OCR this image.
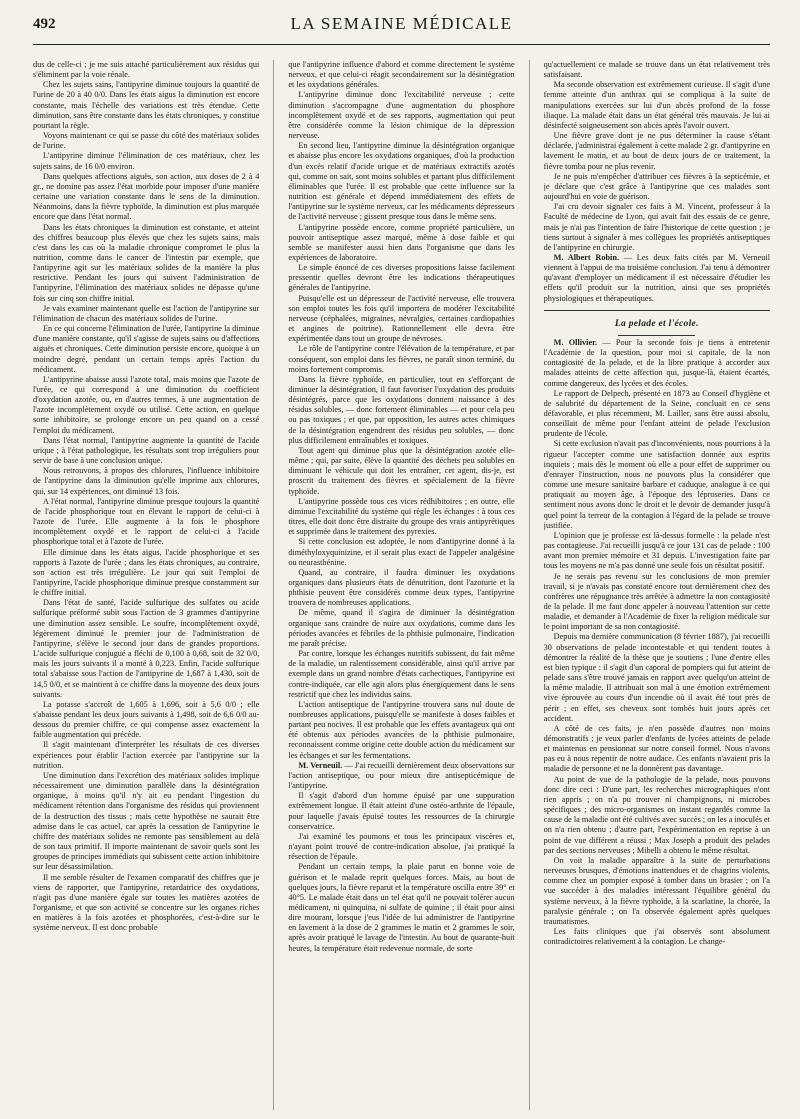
492	LA SEMAINE MÉDICALE

dus de celle-ci ; je me suis attaché particulièrement aux résidus qui s'éliminent par la voie rénale.

Chez les sujets sains, l'antipyrine diminue toujours la quantité de l'urine de 20 à 40 0/0. Dans les états aigus la diminution est encore constante, mais l'échelle des variations est très étendue. Cette diminution, sans être constante dans les états chroniques, y constitue pourtant la règle.

Voyons maintenant ce qui se passe du côté des matériaux solides de l'urine.

L'antipyrine diminue l'élimination de ces matériaux, chez les sujets sains, de 16 0/0 environ.

Dans quelques affections aiguës, son action, aux doses de 2 à 4 gr., ne domine pas assez l'état morbide pour imposer d'une manière certaine une variation constante dans le sens de la diminution. Néanmoins, dans la fièvre typhoïde, la diminution est plus marquée encore que dans l'état normal.

Dans les états chroniques la diminution est constante, et atteint des chiffres beaucoup plus élevés que chez les sujets sains, mais c'est dans les cas où la maladie chronique compromet le plus la nutrition, comme dans le cancer de l'intestin par exemple, que l'antipyrine agit sur les matériaux solides de la manière la plus restrictive. Pendant les jours qui suivent l'administration de l'antipyrine, l'élimination des matériaux solides ne dépasse qu'une fois sur cinq son chiffre initial.

Je vais examiner maintenant quelle est l'action de l'antipyrine sur l'élimination de chacun des matériaux solides de l'urine.

En ce qui concerne l'élimination de l'urée, l'antipyrine la diminue d'une manière constante, qu'il s'agisse de sujets sains ou d'affections aiguës et chroniques. Cette diminution persiste encore, quoique à un moindre degré, pendant un certain temps après l'action du médicament.

L'antipyrine abaisse aussi l'azote total, mais moins que l'azote de l'urée, ce qui correspond à une diminution du coefficient d'oxydation azotée, ou, en d'autres termes, à une augmentation de l'azote incomplètement oxydé ou utilisé. Cette action, en quelque sorte inhibitoire, se prolonge encore un peu quand on a cessé l'emploi du médicament.

Dans l'état normal, l'antipyrine augmente la quantité de l'acide urique ; à l'état pathologique, les résultats sont trop irréguliers pour servir de base à une conclusion unique.

Nous retrouvons, à propos des chlorures, l'influence inhibitoire de l'antipyrine dans la diminution qu'elle imprime aux chlorures, qui, sur 14 expériences, ont diminué 13 fois.

A l'état normal, l'antipyrine diminue presque toujours la quantité de l'acide phosphorique tout en élevant le rapport de celui-ci à l'azote de l'urée. Elle augmente à la fois le phosphore incomplètement oxydé et le rapport de celui-ci à l'acide phosphorique total et à l'azote de l'urée.

Elle diminue dans les états aigus, l'acide phosphorique et ses rapports à l'azote de l'urée ; dans les états chroniques, au contraire, son action est très irrégulière. Le jour qui suit l'emploi de l'antipyrine, l'acide phosphorique diminue presque constamment sur le chiffre initial.

Dans l'état de santé, l'acide sulfurique des sulfates ou acide sulfurique préformé subit sous l'action de 3 grammes d'antipyrine une diminution assez sensible. Le soufre, incomplètement oxydé, légèrement diminué le premier jour de l'administration de l'antipyrine, s'élève le second jour dans de grandes proportions. L'acide sulfurique conjugué a fléchi de 0,100 à 0,68, soit de 32 0/0, mais les jours suivants il a monté à 0,223. Enfin, l'acide sulfurique total s'abaisse sous l'action de l'antipyrine de 1,687 à 1,430, soit de 14,5 0/0, et se maintient à ce chiffre dans la moyenne des deux jours suivants.

La potasse s'accroît de 1,605 à 1,696, soit à 5,6 0/0 ; elle s'abaisse pendant les deux jours suivants à 1,498, soit de 6,6 0/0 au-dessous du premier chiffre, ce qui compense assez exactement la faible augmentation qui précède.

Il s'agit maintenant d'interpréter les résultats de ces diverses expériences pour établir l'action exercée par l'antipyrine sur la nutrition.

Une diminution dans l'excrétion des matériaux solides implique nécessairement une diminution parallèle dans la désintégration organique, à moins qu'il n'y ait eu pendant l'ingestion du médicament rétention dans l'organisme des résidus qui proviennent de la destruction des tissus ; mais cette hypothèse ne saurait être admise dans le cas actuel, car après la cessation de l'antipyrine le chiffre des matériaux solides ne remonte pas sensiblement au delà de son taux primitif. Il importe maintenant de savoir quels sont les groupes de principes immédiats qui subissent cette action inhibitoire sur leur désassimilation.

Il me semble résulter de l'examen comparatif des chiffres que je viens de rapporter, que l'antipyrine, retardatrice des oxydations, n'agit pas d'une manière égale sur toutes les matières azotées de l'organisme, et que son activité se concentre sur les organes riches en matières à la fois azotées et phosphorées, c'est-à-dire sur le système nerveux. Il est donc probable

que l'antipyrine influence d'abord et comme directement le système nerveux, et que celui-ci réagit secondairement sur la désintégration et les oxydations générales.

L'antipyrine diminue donc l'excitabilité nerveuse ; cette diminution s'accompagne d'une augmentation du phosphore incomplètement oxydé et de ses rapports, augmentation qui peut être considérée comme la lésion chimique de la dépression nerveuse.

En second lieu, l'antipyrine diminue la désintégration organique et abaisse plus encore les oxydations organiques, d'où la production d'un excès relatif d'acide urique et de matériaux extractifs azotés qui, comme on sait, sont moins solubles et partant plus difficilement éliminables que l'urée. Il est probable que cette influence sur la nutrition est générale et dépend immédiatement des effets de l'antipyrine sur le système nerveux, car les médicaments dépresseurs de l'activité nerveuse ; gissent presque tous dans le même sens.

L'antipyrine possède encore, comme propriété particulière, un pouvoir antiseptique assez marqué, même à dose faible et qui semble se manifester aussi bien dans l'organisme que dans les expériences de laboratoire.

Le simple énoncé de ces diverses propositions laisse facilement pressentir quelles devront être les indications thérapeutiques générales de l'antipyrine.

Puisqu'elle est un dépresseur de l'activité nerveuse, elle trouvera son emploi toutes les fois qu'il importera de modérer l'excitabilité nerveuse (céphalées, migraines, névralgies, certaines cardiopathies et angines de poitrine). Rationnellement elle devra être expérimentée dans tout un groupe de névroses.

Le rôle de l'antipyrine contre l'élévation de la température, et par conséquent, son emploi dans les fièvres, ne paraît sinon terminé, du moins fortement compromis.

Dans la fièvre typhoïde, en particulier, tout en s'efforçant de diminuer la désintégration, il faut favoriser l'oxydation des produits désintégrés, parce que les oxydations donnent naissance à des résidus solubles, — donc fortement éliminables — et pour cela peu ou pas toxiques ; et que, par opposition, les autres actes chimiques de la désintégration engendrent des résidus peu solubles, — donc plus difficilement entraînables et toxiques.

Tout agent qui diminue plus que la désintégration azotée elle-même ; qui, par suite, élève la quantité des déchets peu solubles en diminuant le véhicule qui doit les entraîner, cet agent, dis-je, est proscrit du traitement des fièvres et spécialement de la fièvre typhoïde.

L'antipyrine possède tous ces vices rédhibitoires ; en outre, elle diminue l'excitabilité du système qui règle les échanges : à tous ces titres, elle doit donc être distraite du groupe des vrais antipyrétiques et supprimée dans le traitement des pyrexies.

Si cette conclusion est adoptée, le nom d'antipyrine donné à la diméthyloxyquinizine, et il serait plus exact de l'appeler analgésine ou neurasthénine.

Quand, au contraire, il faudra diminuer les oxydations organiques dans plusieurs états de dénutrition, dont l'azoturie et la phthisie peuvent être considérés comme deux types, l'antipyrine trouvera de nombreuses applications.

De même, quand il s'agira de diminuer la désintégration organique sans craindre de nuire aux oxydations, comme dans les périodes avancées et fébriles de la phthisie pulmonaire, l'indication me paraît précise.

Par contre, lorsque les échanges nutritifs subissent, du fait même de la maladie, un ralentissement considérable, ainsi qu'il arrive par exemple dans un grand nombre d'états cachectiques, l'antipyrine est contre-indiquée, car elle agit alors plus énergiquement dans le sens restrictif que chez les individus sains.

L'action antiseptique de l'antipyrine trouvera sans nul doute de nombreuses applications, puisqu'elle se manifeste à doses faibles et partant peu nocives. Il est probable que les effets avantageux qui ont été obtenus aux périodes avancées de la phthisie pulmonaire, reconnaissent comme origine cette double action du médicament sur les échanges et sur les fermentations.

M. Verneuil. — J'ai recueilli dernièrement deux observations sur l'action antiseptique, ou pour mieux dire antisepticémique de l'antipyrine.

Il s'agit d'abord d'un homme épuisé par une suppuration extrêmement longue. Il était atteint d'une ostéo-arthrite de l'épaule, pour laquelle j'avais épuisé toutes les ressources de la chirurgie conservatrice.

J'ai examiné les poumons et tous les principaux viscères et, n'ayant point trouvé de contre-indication absolue, j'ai pratiqué la résection de l'épaule.

Pendant un certain temps, la plaie parut en bonne voie de guérison et le malade reprit quelques forces. Mais, au bout de quelques jours, la fièvre reparut et la température oscilla entre 39° et 40°5. Le malade était dans un tel état qu'il ne pouvait tolérer aucun médicament, ni quinquina, ni sulfate de quinine ; il était pour ainsi dire mourant, lorsque j'eus l'idée de lui administrer de l'antipyrine en lavement à la dose de 2 grammes le matin et 2 grammes le soir, après avoir pratiqué le lavage de l'intestin. Au bout de quarante-huit heures, la température était redevenue normale, de sorte

qu'actuellement ce malade se trouve dans un état relativement très satisfaisant.

Ma seconde observation est extrêmement curieuse. Il s'agit d'une femme atteinte d'un anthrax qui se compliqua à la suite de manipulations exercées sur lui d'un abcès profond de la fosse iliaque. La malade était dans un état général très mauvais. Je lui ai désinfecté soigneusement son abcès après l'avoir ouvert.

Une fièvre grave dont je ne pus déterminer la cause s'étant déclarée, j'administrai également à cette malade 2 gr. d'antipyrine en lavement le matin, et au bout de deux jours de ce traitement, la fièvre tomba pour ne plus revenir.

Je ne puis m'empêcher d'attribuer ces fièvres à la septicémie, et je déclare que c'est grâce à l'antipyrine que ces malades sont aujourd'hui en voie de guérison.

J'ai cru devoir signaler ces faits à M. Vincent, professeur à la Faculté de médecine de Lyon, qui avait fait des essais de ce genre, mais je n'ai pas l'intention de faire l'historique de cette question ; je tiens surtout à signaler à mes collègues les propriétés antiseptiques de l'antipyrine en chirurgie.

M. Albert Robin. — Les deux faits cités par M. Verneuil viennent à l'appui de ma troisième conclusion. J'ai tenu à démontrer qu'avant d'employer un médicament il est nécessaire d'étudier les effets qu'il produit sur la nutrition, ainsi que ses propriétés physiologiques et thérapeutiques.

La pelade et l'école.

M. Ollivier. — Pour la seconde fois je tiens à entretenir l'Académie de la question, pour moi si capitale, de la non contagiosité de la pelade, et de la libre pratique à accorder aux malades atteints de cette affection qui, jusque-là, étaient écartés, comme dangereux, des lycées et des écoles.

Le rapport de Delpech, présenté en 1873 au Conseil d'hygiène et de salubrité du département de la Seine, concluait en ce sens défavorable, et plus récemment, M. Lailler, sans être aussi absolu, conseillait de même pour l'enfant atteint de pelade l'exclusion prudente de l'école.

Si cette exclusion n'avait pas d'inconvénients, nous pourrions à la rigueur l'accepter comme une satisfaction donnée aux esprits inquiets ; mais dès le moment où elle a pour effet de supprimer ou d'enrayer l'instruction, nous ne pouvons plus la considérer que comme une mesure sanitaire barbare et caduque, analogue à ce qui pratiquait au moyen âge, à l'époque des léproseries. Dans ce sentiment nous avons donc le droit et le devoir de demander jusqu'à quel point la terreur de la contagion à l'égard de la pelade se trouve justifiée.

L'opinion que je professe est là-dessus formelle : la pelade n'est pas contagieuse. J'ai recueilli jusqu'à ce jour 131 cas de pelade : 100 avant mon premier mémoire et 31 depuis. L'investigation faite par tous les moyens ne m'a pas donné une seule fois un résultat positif.

Je ne serais pas revenu sur les conclusions de mon premier travail, si je n'avais pas constaté encore tout dernièrement chez des confrères une répugnance très arrêtée à admettre la non contagiosité de la pelade. Il me faut donc appeler à nouveau l'attention sur cette maladie, et demander à l'Académie de fixer la religion médicale sur le point important de sa non contagiosité.

Depuis ma dernière communication (8 février 1887), j'ai recueilli 30 observations de pelade incontestable et qui tendent toutes à démontrer la réalité de la thèse que je soutiens ; l'une d'entre elles est bien typique : il s'agit d'un caporal de pompiers qui fut atteint de pelade sans s'être trouvé jamais en rapport avec quelqu'un atteint de la même maladie. Il attribuait son mal à une émotion extrêmement vive éprouvée au cours d'un incendie où il avait été tout près de périr ; en effet, ses cheveux sont tombés huit jours après cet accident.

A côté de ces faits, je n'en possède d'autres non moins démonstratifs ; je veux parler d'enfants de lycées atteints de pelade et maintenus en pensionnat sur notre conseil formel. Nous n'avons pas eu à nous repentir de notre audace. Ces enfants n'avaient pris la maladie de personne et ne la donnèrent pas davantage.

Au point de vue de la pathologie de la pelade, nous pouvons donc dire ceci : D'une part, les recherches micrographiques n'ont rien appris ; on n'a pu trouver ni champignons, ni microbes spécifiques ; des micro-organismes on instant regardés comme la cause de la maladie ont été cultivés avec succès ; on les a inoculés et on n'a rien obtenu ; d'autre part, l'expérimentation en reprise à un point de vue différent a réussi ; Max Joseph a produit des pelades par des sections nerveuses ; Mibelli a obtenu le même résultat.

On voit la maladie apparaître à la suite de perturbations nerveuses brusques, d'émotions inattendues et de chagrins violents, comme chez un pompier exposé à tomber dans un brasier ; on l'a vue succéder à des maladies intéressant l'équilibre général du système nerveux, à la fièvre typhoïde, à la scarlatine, la chorée, la paralysie générale ; on l'a observée également après quelques traumatismes.

Les faits cliniques que j'ai observés sont absolument contradictoires relativement à la contagion. Le change-
